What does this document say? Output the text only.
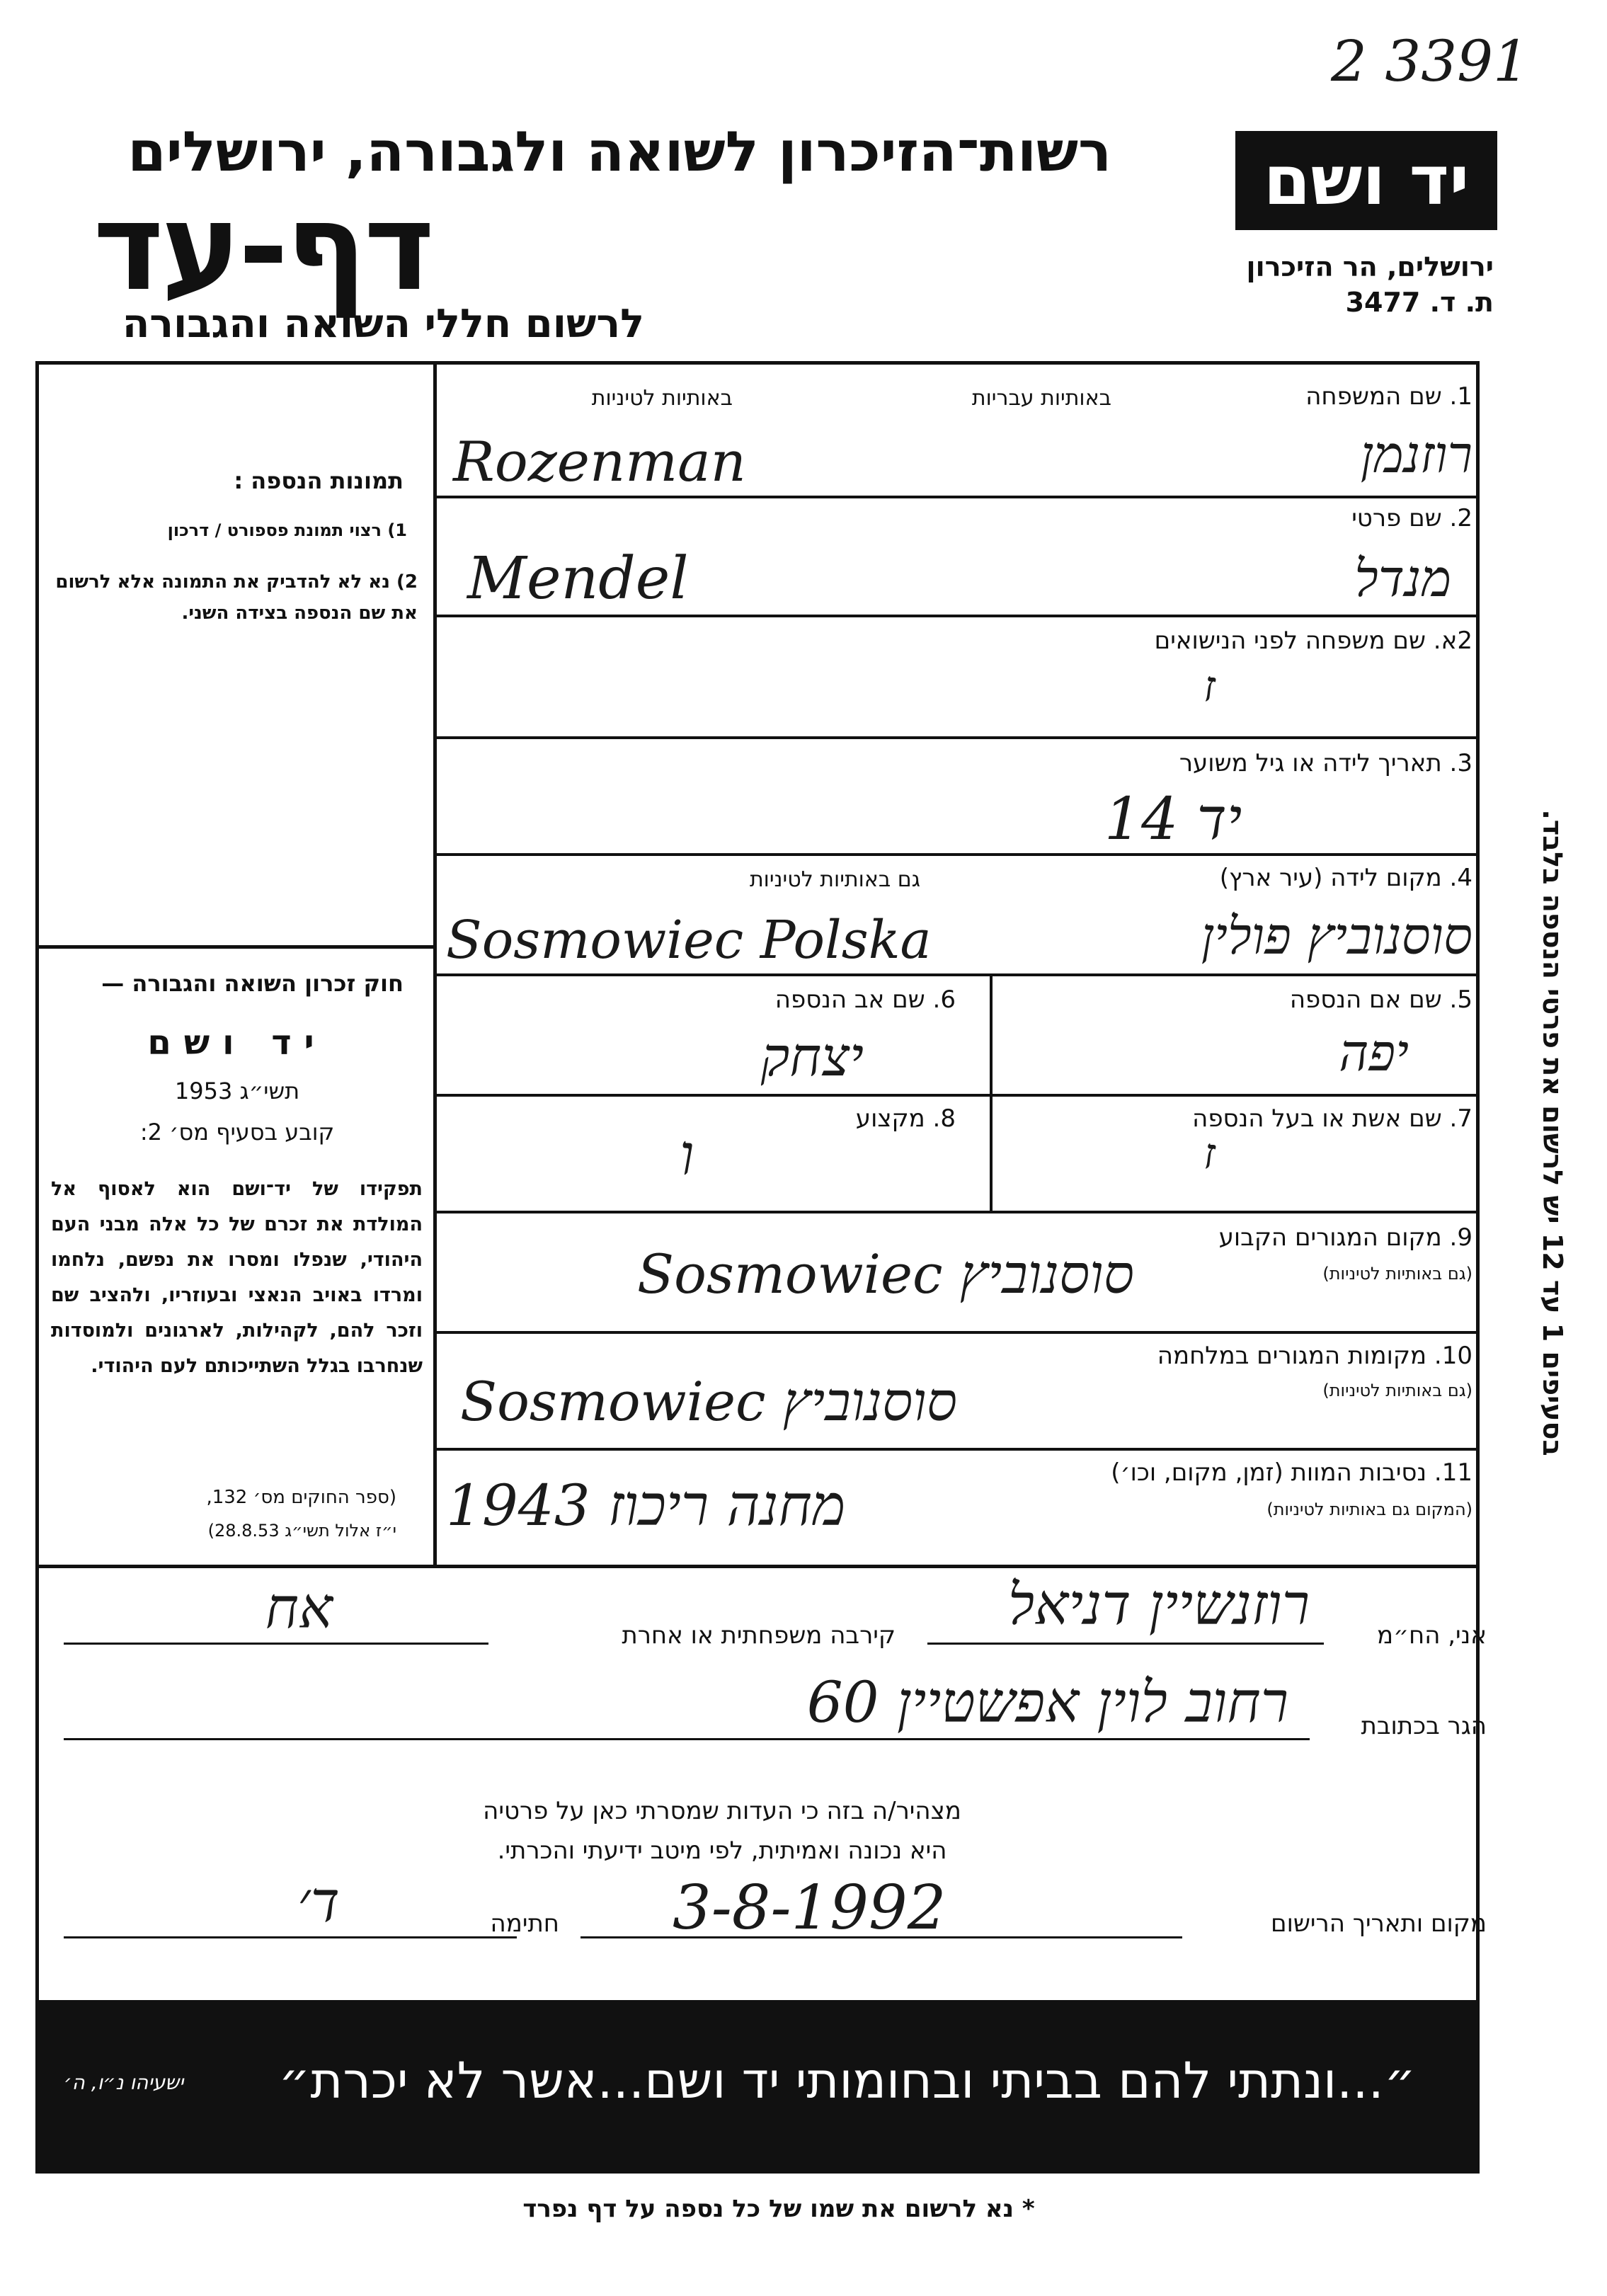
2 3391
רשות־הזיכרון לשואה ולגבורה, ירושלים
דף-עד
לרשום חללי השואה והגבורה
יד ושם
ירושלים, הר הזיכרון
ת. ד. 3477
בסעיפים 1 עד 12 יש לרשום את פרטי הנספה בלבד.
תמונות הנספה :
1) רצוי תמונת פספורט / דרכון
2) נא לא להדביק את התמונה אלא לרשום את שם הנספה בצידה השני.
חוק זכרון השואה והגבורה —
יד ושם
תשי״ג 1953
קובע בסעיף מס׳ 2:
תפקידו של יד־ושם הוא לאסוף אל המולדת את זכרם של כל אלה מבני העם היהודי, שנפלו ומסרו את נפשם, נלחמו ומרדו באויב הנאצי ובעוזריו, ולהציב שם וזכר להם, לקהילות, לארגונים ולמוסדות שנחרבו בגלל השתייכותם לעם היהודי.
(ספר החוקים מס׳ 132,
י״ז אלול תשי״ג 28.8.53)
1. שם המשפחה
באותיות עבריות
באותיות לטיניות
רוזנמן
Rozenman
2. שם פרטי
מנדל
Mendel
2א. שם משפחה לפני הנישואים
ז
3. תאריך לידה או גיל משוער
14 יד
4. מקום לידה (עיר ארץ)
גם באותיות לטיניות
סוסנוביץ פולין
Sosmowiec Polska
5. שם אם הנספה
יפה
6. שם אב הנספה
יצחק
7. שם אשת או בעל הנספה
ז
8. מקצוע
ו
9. מקום המגורים הקבוע
(גם באותיות לטיניות)
Sosmowiec סוסנוביץ
10. מקומות המגורים במלחמה
(גם באותיות לטיניות)
Sosmowiec סוסנוביץ
11. נסיבות המוות (זמן, מקום, וכו׳)
(המקום גם באותיות לטיניות)
1943 מחנה ריכוז
אני, הח״מ
רוזנשיין דניאל
קירבה משפחתית או אחרת
אח
הגר בכתובת
רחוב לוין אפשטיין 60
מצהיר/ה בזה כי העדות שמסרתי כאן על פרטיה
היא נכונה ואמיתית, לפי מיטב ידיעתי והכרתי.
מקום ותאריך הרישום
3-8-1992
חתימה
ד׳
״...ונתתי להם בביתי ובחומותי יד ושם...אשר לא יכרת״
ישעיהו נ״ו, ה׳
* נא לרשום את שמו של כל נספה על דף נפרד
